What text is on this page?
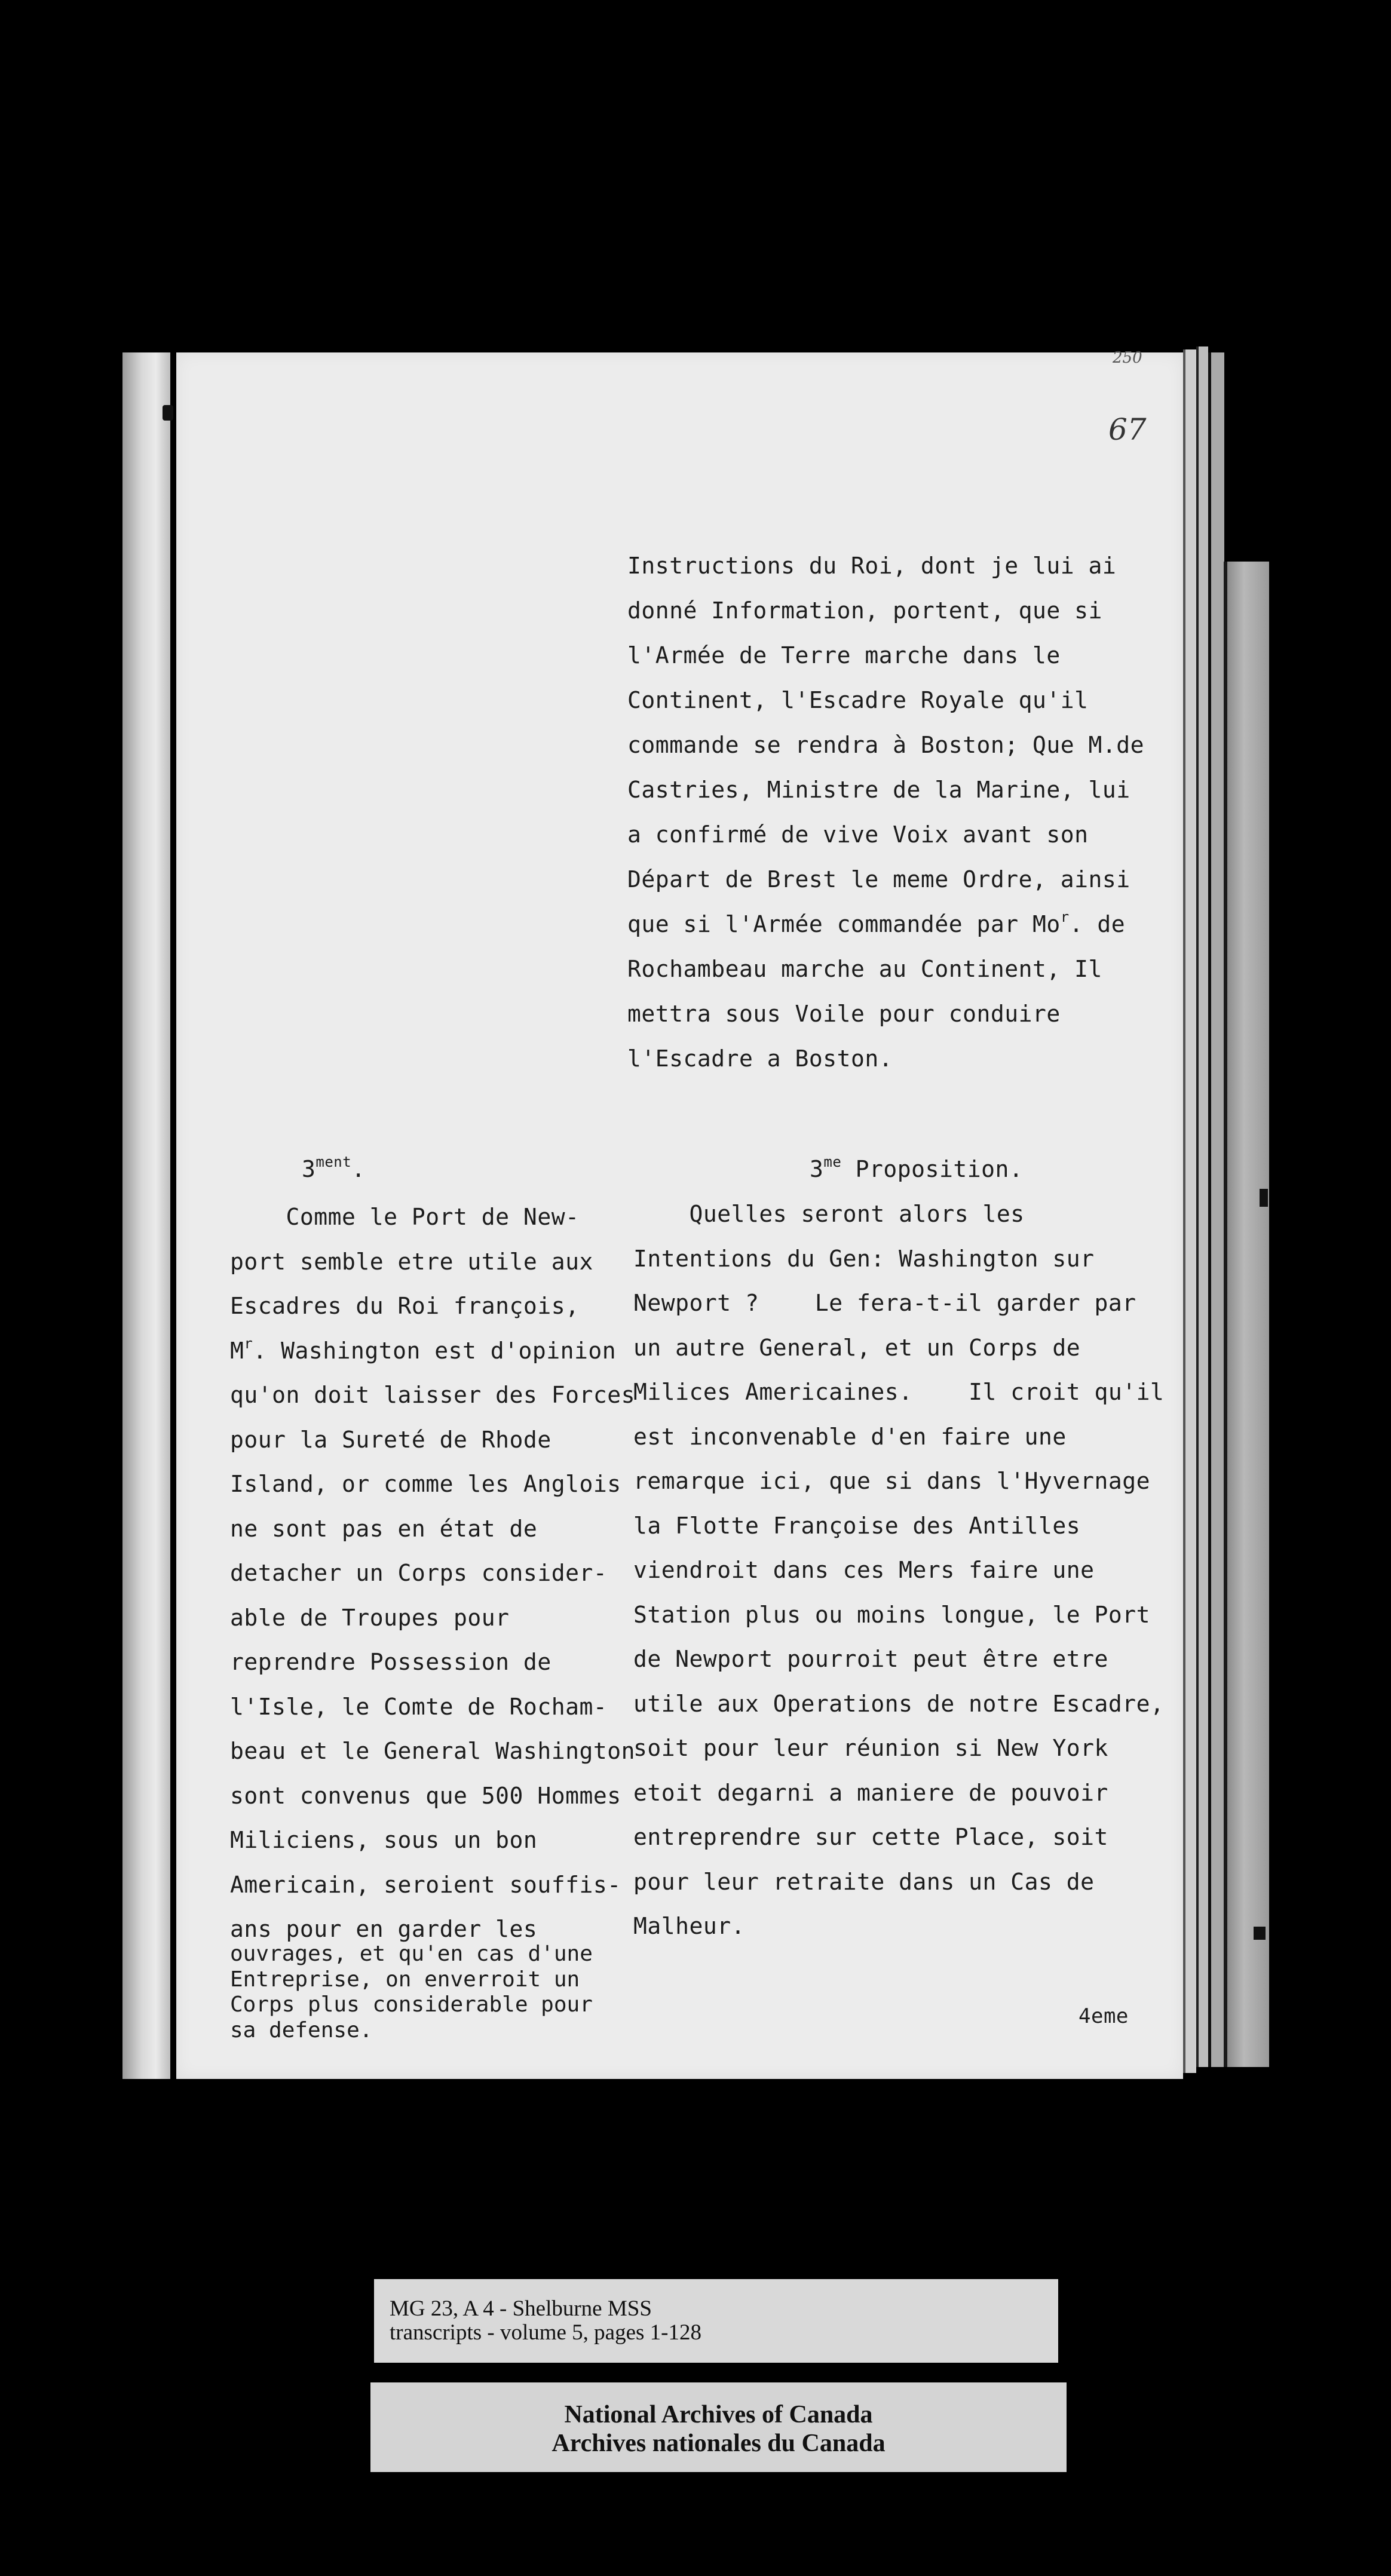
250
67
Instructions du Roi, dont je lui ai
donné Information, portent, que si
l'Armée de Terre marche dans le
Continent, l'Escadre Royale qu'il
commande se rendra à Boston; Que M.de
Castries, Ministre de la Marine, lui
a confirmé de vive Voix avant son
Départ de Brest le meme Ordre, ainsi
que si l'Armée commandée par Mo$^r$. de
Rochambeau marche au Continent, Il
mettra sous Voile pour conduire
l'Escadre a Boston.
$3^{ment}$.	$3^{me}$ Proposition.
Comme le Port de New-
port semble etre utile aux
Escadres du Roi françois,
$M^r$. Washington est d'opinion
qu'on doit laisser des Forces
pour la Sureté de Rhode
Island, or comme les Anglois
ne sont pas en état de
detacher un Corps consider-
able de Troupes pour
reprendre Possession de
l'Isle, le Comte de Rocham-
beau et le General Washington
sont convenus que 500 Hommes
Miliciens, sous un bon
Americain, seroient souffis-
ans pour en garder les
ouvrages, et qu'en cas d'une
Entreprise, on enverroit un
Corps plus considerable pour
sa defense.
Quelles seront alors les
Intentions du Gen: Washington sur
Newport ?    Le fera-t-il garder par
un autre General, et un Corps de
Milices Americaines.    Il croit qu'il
est inconvenable d'en faire une
remarque ici, que si dans l'Hyvernage
la Flotte Françoise des Antilles
viendroit dans ces Mers faire une
Station plus ou moins longue, le Port
de Newport pourroit peut être etre
utile aux Operations de notre Escadre,
soit pour leur réunion si New York
etoit degarni a maniere de pouvoir
entreprendre sur cette Place, soit
pour leur retraite dans un Cas de
Malheur.
4eme
MG 23, A 4 - Shelburne MSS
transcripts - volume 5, pages 1-128
National Archives of Canada
Archives nationales du Canada
